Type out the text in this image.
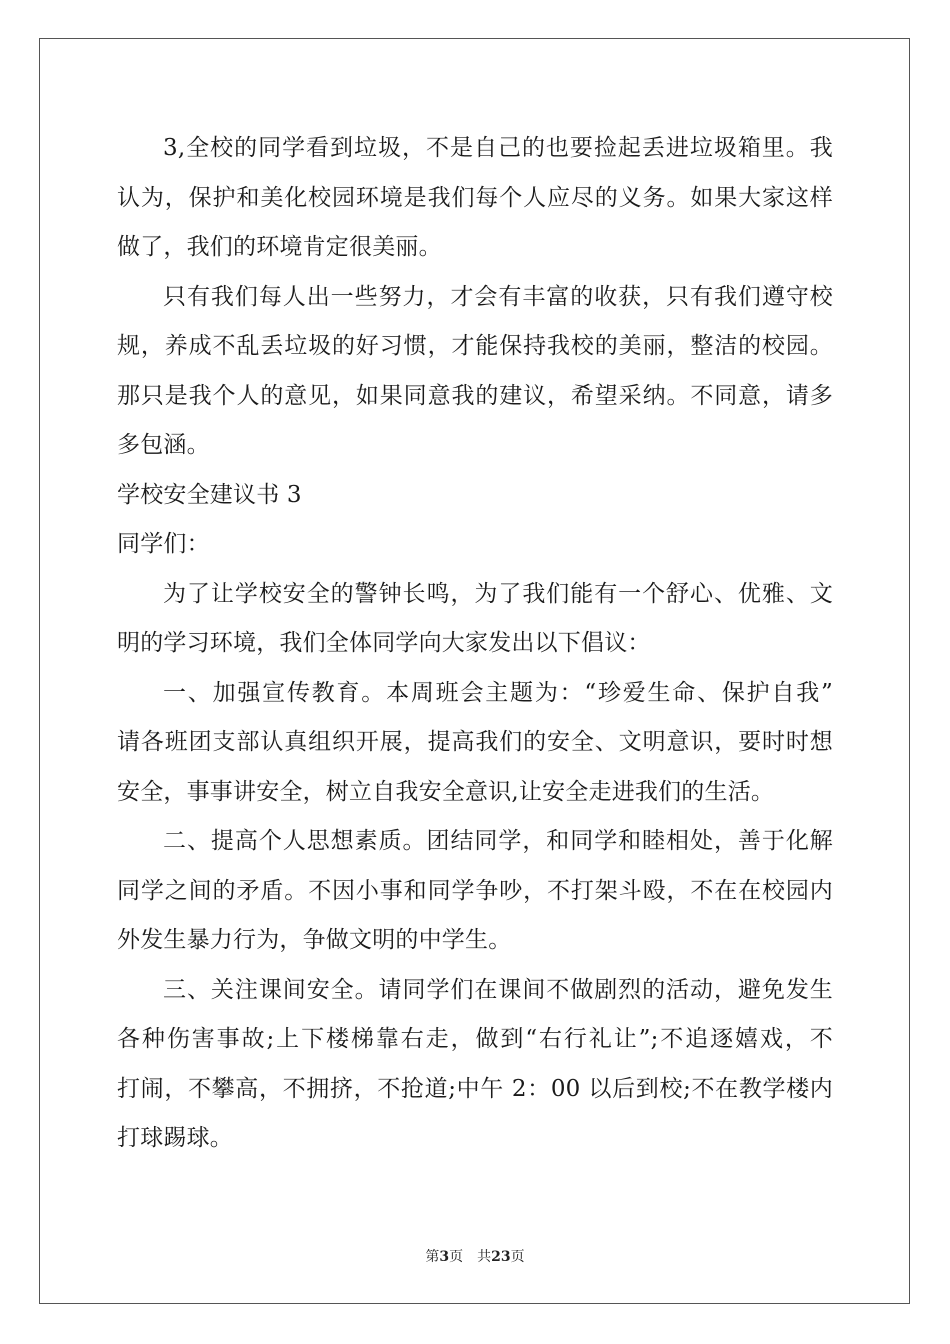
3,全校的同学看到垃圾，不是自己的也要捡起丢进垃圾箱里。我
认为，保护和美化校园环境是我们每个人应尽的义务。如果大家这样
做了，我们的环境肯定很美丽。
只有我们每人出一些努力，才会有丰富的收获，只有我们遵守校
规，养成不乱丢垃圾的好习惯，才能保持我校的美丽，整洁的校园。
那只是我个人的意见，如果同意我的建议，希望采纳。不同意，请多
多包涵。
学校安全建议书 3
同学们：
为了让学校安全的警钟长鸣，为了我们能有一个舒心、优雅、文
明的学习环境，我们全体同学向大家发出以下倡议：
一、加强宣传教育。本周班会主题为：“珍爱生命、保护自我”
请各班团支部认真组织开展，提高我们的安全、文明意识，要时时想
安全，事事讲安全，树立自我安全意识,让安全走进我们的生活。
二、提高个人思想素质。团结同学，和同学和睦相处，善于化解
同学之间的矛盾。不因小事和同学争吵，不打架斗殴，不在在校园内
外发生暴力行为，争做文明的中学生。
三、关注课间安全。请同学们在课间不做剧烈的活动，避免发生
各种伤害事故;上下楼梯靠右走，做到“右行礼让”;不追逐嬉戏，不
打闹，不攀高，不拥挤，不抢道;中午 2：00 以后到校;不在教学楼内
打球踢球。
第3页 共23页
